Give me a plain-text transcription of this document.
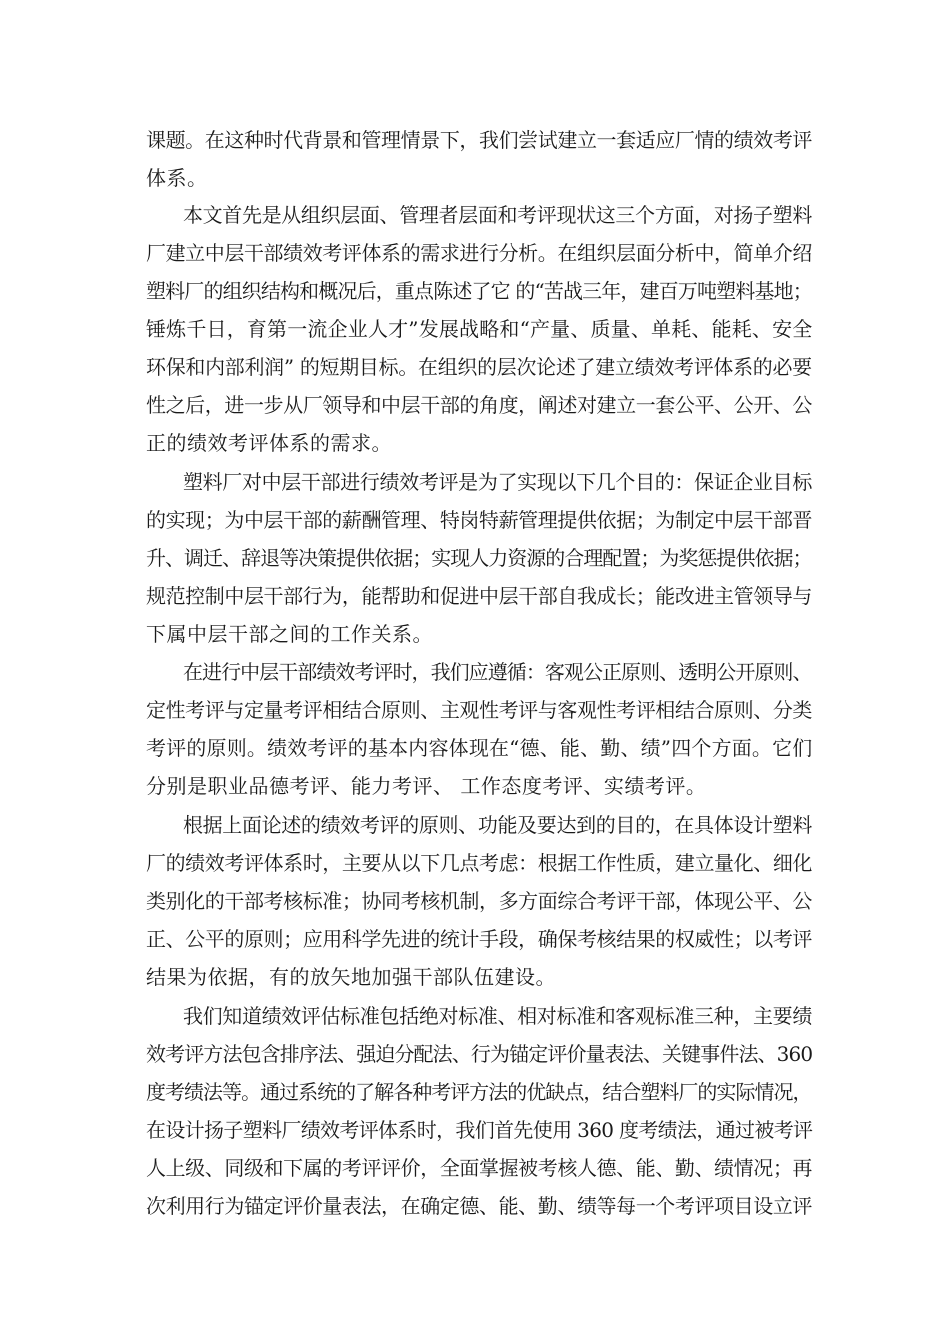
课题。在这种时代背景和管理情景下，我们尝试建立一套适应厂情的绩效考评

体系。

本文首先是从组织层面、管理者层面和考评现状这三个方面，对扬子塑料

厂建立中层干部绩效考评体系的需求进行分析。在组织层面分析中，简单介绍

塑料厂的组织结构和概况后，重点陈述了它 的“苦战三年，建百万吨塑料基地；

锤炼千日，育第一流企业人才”发展战略和“产量、质量、单耗、能耗、安全

环保和内部利润” 的短期目标。在组织的层次论述了建立绩效考评体系的必要

性之后，进一步从厂领导和中层干部的角度，阐述对建立一套公平、公开、公

正的绩效考评体系的需求。

塑料厂对中层干部进行绩效考评是为了实现以下几个目的：保证企业目标

的实现；为中层干部的薪酬管理、特岗特薪管理提供依据；为制定中层干部晋

升、调迁、辞退等决策提供依据；实现人力资源的合理配置；为奖惩提供依据；

规范控制中层干部行为，能帮助和促进中层干部自我成长；能改进主管领导与

下属中层干部之间的工作关系。

在进行中层干部绩效考评时，我们应遵循：客观公正原则、透明公开原则、

定性考评与定量考评相结合原则、主观性考评与客观性考评相结合原则、分类

考评的原则。绩效考评的基本内容体现在“德、能、勤、绩”四个方面。它们

分别是职业品德考评、能力考评、 工作态度考评、实绩考评。

根据上面论述的绩效考评的原则、功能及要达到的目的，在具体设计塑料

厂的绩效考评体系时，主要从以下几点考虑：根据工作性质，建立量化、细化

类别化的干部考核标准；协同考核机制，多方面综合考评干部，体现公平、公

正、公平的原则；应用科学先进的统计手段，确保考核结果的权威性；以考评

结果为依据，有的放矢地加强干部队伍建设。

我们知道绩效评估标准包括绝对标准、相对标准和客观标准三种，主要绩

效考评方法包含排序法、强迫分配法、行为锚定评价量表法、关键事件法、360

度考绩法等。通过系统的了解各种考评方法的优缺点，结合塑料厂的实际情况，

在设计扬子塑料厂绩效考评体系时，我们首先使用 360 度考绩法，通过被考评

人上级、同级和下属的考评评价，全面掌握被考核人德、能、勤、绩情况；再

次利用行为锚定评价量表法，在确定德、能、勤、绩等每一个考评项目设立评
